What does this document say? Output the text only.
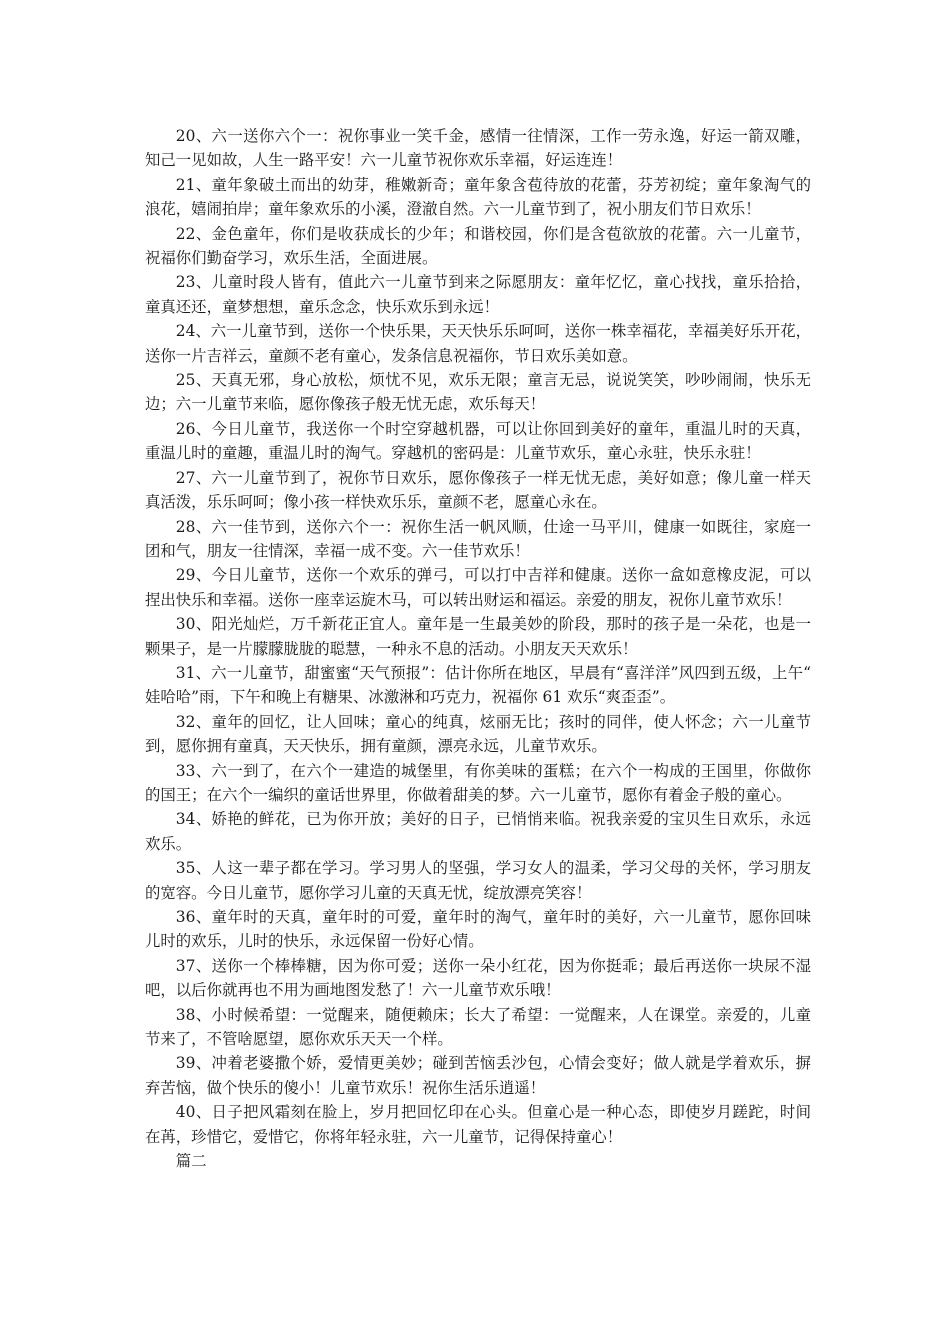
20、六一送你六个一：祝你事业一笑千金，感情一往情深，工作一劳永逸，好运一箭双雕，知己一见如故，人生一路平安！六一儿童节祝你欢乐幸福，好运连连！

21、童年象破土而出的幼芽，稚嫩新奇；童年象含苞待放的花蕾，芬芳初绽；童年象淘气的浪花，嬉闹拍岸；童年象欢乐的小溪，澄澈自然。六一儿童节到了，祝小朋友们节日欢乐！

22、金色童年，你们是收获成长的少年；和谐校园，你们是含苞欲放的花蕾。六一儿童节，祝福你们勤奋学习，欢乐生活，全面进展。

23、儿童时段人皆有，值此六一儿童节到来之际愿朋友：童年忆忆，童心找找，童乐拾拾，童真还还，童梦想想，童乐念念，快乐欢乐到永远！

24、六一儿童节到，送你一个快乐果，天天快乐乐呵呵，送你一株幸福花，幸福美好乐开花，送你一片吉祥云，童颜不老有童心，发条信息祝福你，节日欢乐美如意。

25、天真无邪，身心放松，烦忧不见，欢乐无限；童言无忌，说说笑笑，吵吵闹闹，快乐无边；六一儿童节来临，愿你像孩子般无忧无虑，欢乐每天！

26、今日儿童节，我送你一个时空穿越机器，可以让你回到美好的童年，重温儿时的天真，重温儿时的童趣，重温儿时的淘气。穿越机的密码是：儿童节欢乐，童心永驻，快乐永驻！

27、六一儿童节到了，祝你节日欢乐，愿你像孩子一样无忧无虑，美好如意；像儿童一样天真活泼，乐乐呵呵；像小孩一样快欢乐乐，童颜不老，愿童心永在。

28、六一佳节到，送你六个一：祝你生活一帆风顺，仕途一马平川，健康一如既往，家庭一团和气，朋友一往情深，幸福一成不变。六一佳节欢乐！

29、今日儿童节，送你一个欢乐的弹弓，可以打中吉祥和健康。送你一盒如意橡皮泥，可以捏出快乐和幸福。送你一座幸运旋木马，可以转出财运和福运。亲爱的朋友，祝你儿童节欢乐！

30、阳光灿烂，万千新花正宜人。童年是一生最美妙的阶段，那时的孩子是一朵花，也是一颗果子，是一片朦朦胧胧的聪慧，一种永不息的活动。小朋友天天欢乐！

31、六一儿童节，甜蜜蜜“天气预报”：估计你所在地区，早晨有“喜洋洋”风四到五级，上午“娃哈哈”雨，下午和晚上有糖果、冰激淋和巧克力，祝福你 61 欢乐“爽歪歪”。

32、童年的回忆，让人回味；童心的纯真，炫丽无比；孩时的同伴，使人怀念；六一儿童节到，愿你拥有童真，天天快乐，拥有童颜，漂亮永远，儿童节欢乐。

33、六一到了，在六个一建造的城堡里，有你美味的蛋糕；在六个一构成的王国里，你做你的国王；在六个一编织的童话世界里，你做着甜美的梦。六一儿童节，愿你有着金子般的童心。

34、娇艳的鲜花，已为你开放；美好的日子，已悄悄来临。祝我亲爱的宝贝生日欢乐，永远欢乐。

35、人这一辈子都在学习。学习男人的坚强，学习女人的温柔，学习父母的关怀，学习朋友的宽容。今日儿童节，愿你学习儿童的天真无忧，绽放漂亮笑容！

36、童年时的天真，童年时的可爱，童年时的淘气，童年时的美好，六一儿童节，愿你回味儿时的欢乐，儿时的快乐，永远保留一份好心情。

37、送你一个棒棒糖，因为你可爱；送你一朵小红花，因为你挺乖；最后再送你一块尿不湿吧，以后你就再也不用为画地图发愁了！六一儿童节欢乐哦！

38、小时候希望：一觉醒来，随便赖床；长大了希望：一觉醒来，人在课堂。亲爱的，儿童节来了，不管啥愿望，愿你欢乐天天一个样。

39、冲着老婆撒个娇，爱情更美妙；碰到苦恼丢沙包，心情会变好；做人就是学着欢乐，摒弃苦恼，做个快乐的傻小！儿童节欢乐！祝你生活乐逍遥！

40、日子把风霜刻在脸上，岁月把回忆印在心头。但童心是一种心态，即使岁月蹉跎，时间在苒，珍惜它，爱惜它，你将年轻永驻，六一儿童节，记得保持童心！

篇二
